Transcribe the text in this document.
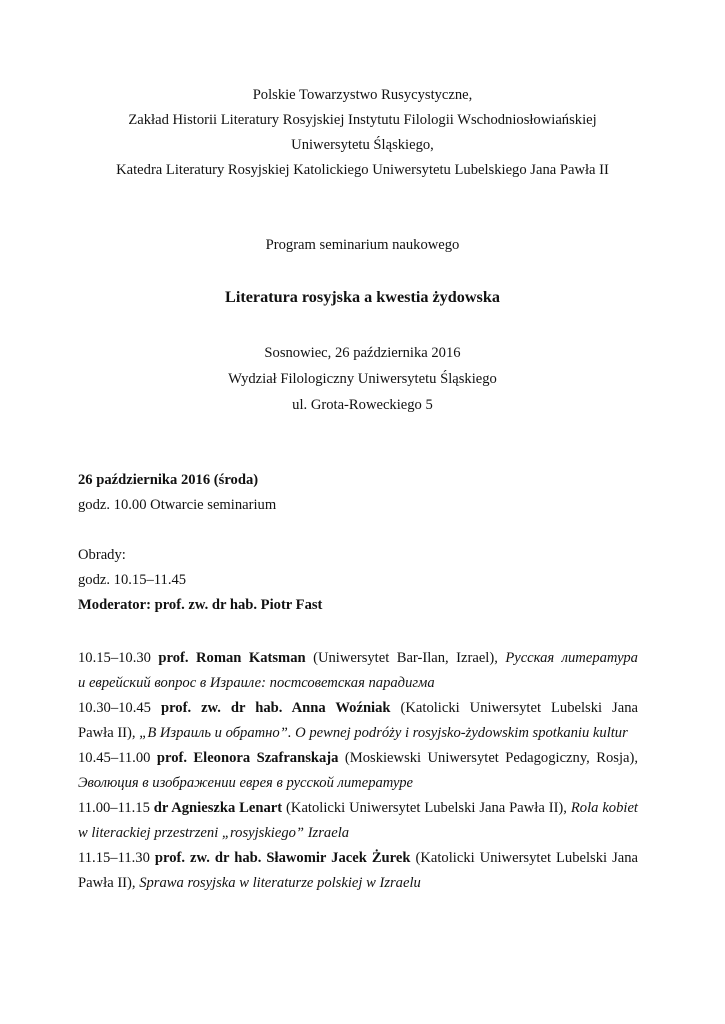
Polskie Towarzystwo Rusycystyczne,
Zakład Historii Literatury Rosyjskiej Instytutu Filologii Wschodniosłowiańskiej
Uniwersytetu Śląskiego,
Katedra Literatury Rosyjskiej Katolickiego Uniwersytetu Lubelskiego Jana Pawła II
Program seminarium naukowego
Literatura rosyjska a kwestia żydowska
Sosnowiec, 26 października 2016
Wydział Filologiczny Uniwersytetu Śląskiego
ul. Grota-Roweckiego 5
26 października 2016 (środa)
godz. 10.00 Otwarcie seminarium
Obrady:
godz. 10.15–11.45
Moderator: prof. zw. dr hab. Piotr Fast
10.15–10.30 prof. Roman Katsman (Uniwersytet Bar-Ilan, Izrael), Русская литература
и еврейский вопрос в Израиле: постсоветская парадигма
10.30–10.45 prof. zw. dr hab. Anna Woźniak (Katolicki Uniwersytet Lubelski Jana
Pawła II), „В Израиль и обратно”. O pewnej podróży i rosyjsko-żydowskim spotkaniu kultur
10.45–11.00 prof. Eleonora Szafranskaja (Moskiewski Uniwersytet Pedagogiczny, Rosja),
Эволюция в изображении еврея в русской литературе
11.00–11.15 dr Agnieszka Lenart (Katolicki Uniwersytet Lubelski Jana Pawła II), Rola kobiet
w literackiej przestrzeni „rosyjskiego” Izraela
11.15–11.30 prof. zw. dr hab. Sławomir Jacek Żurek (Katolicki Uniwersytet Lubelski Jana
Pawła II), Sprawa rosyjska w literaturze polskiej w Izraelu
